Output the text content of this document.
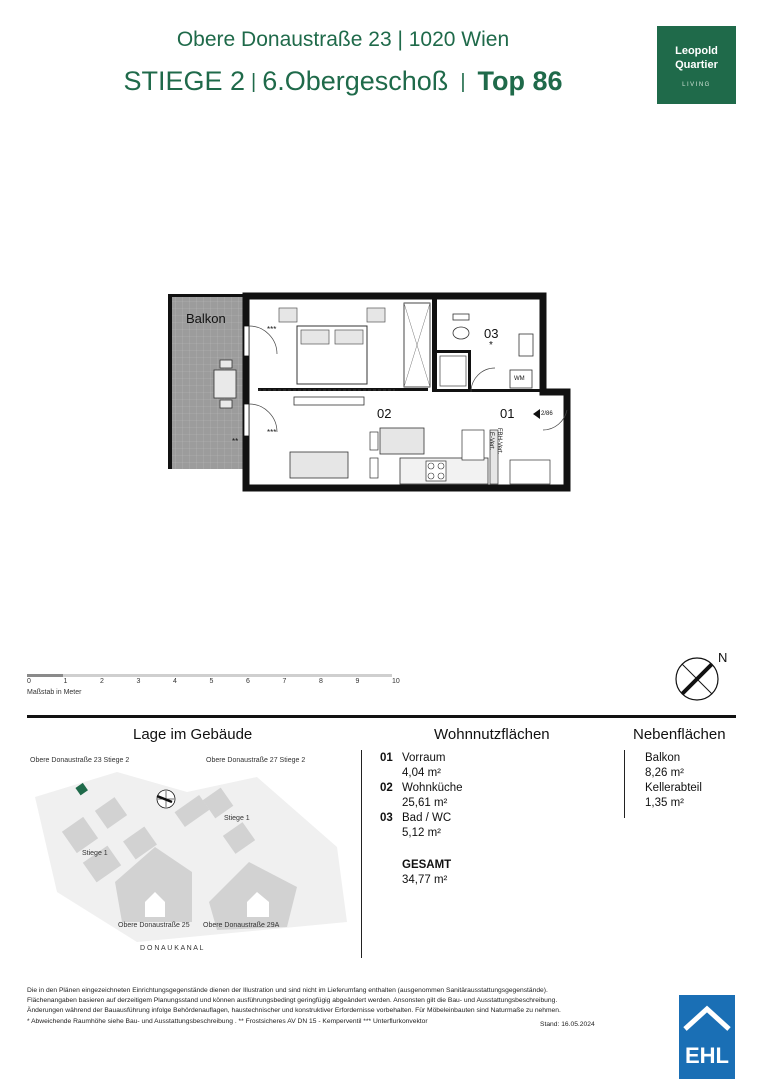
Obere Donaustraße 23 | 1020 Wien
STIEGE 2 | 6.Obergeschoß | Top 86
Leopold
Quartier
LIVING
Balkon
03
*
02	01
WM
2/86
***
***
**	FBH-Vert.
E-Vert.
0	1	2	3	4	5	6	7	8	9	10
Maßstab in Meter
N
Lage im Gebäude	Wohnnutzflächen	Nebenflächen
Obere Donaustraße 23 Stiege 2	Obere Donaustraße 27 Stiege 2
Stiege 1
Stiege 1
Obere Donaustraße 25 Obere Donaustraße 29A
D O N A U K A N A L
01 Vorraum
4,04 m²
02 Wohnküche
25,61 m²
03 Bad / WC
5,12 m²
GESAMT
34,77 m²
Balkon
8,26 m²
Kellerabteil
1,35 m²
Die in den Plänen eingezeichneten Einrichtungsgegenstände dienen der Illustration und sind nicht im Lieferumfang enthalten (ausgenommen Sanitärausstattungsgegenstände).
Flächenangaben basieren auf derzeitigem Planungsstand und können ausführungsbedingt geringfügig abgeändert werden. Ansonsten gilt die Bau- und Ausstattungsbeschreibung.
Änderungen während der Bauausführung infolge Behördenauflagen, haustechnischer und konstruktiver Erfordernisse vorbehalten. Für Möbeleinbauten sind Naturmaße zu nehmen.
* Abweichende Raumhöhe siehe Bau- und Ausstattungsbeschreibung . ** Frostsicheres AV DN 15 - Kemperventil *** Unterflurkonvektor	Stand: 16.05.2024
EHL
